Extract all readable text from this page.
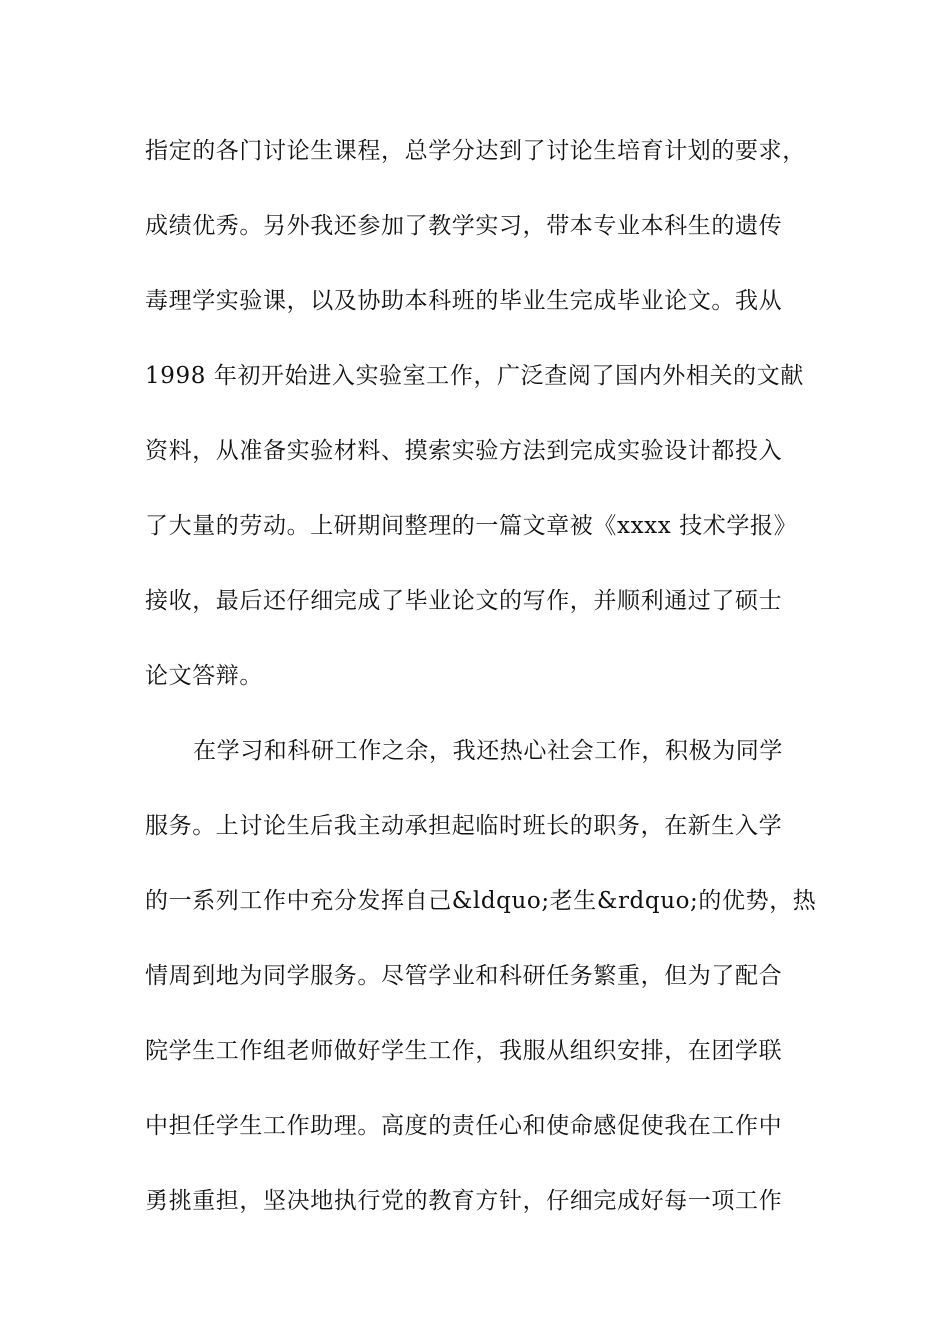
指定的各门讨论生课程，总学分达到了讨论生培育计划的要求，
成绩优秀。另外我还参加了教学实习，带本专业本科生的遗传
毒理学实验课，以及协助本科班的毕业生完成毕业论文。我从
1998 年初开始进入实验室工作，广泛查阅了国内外相关的文献
资料，从准备实验材料、摸索实验方法到完成实验设计都投入
了大量的劳动。上研期间整理的一篇文章被《xxxx 技术学报》
接收，最后还仔细完成了毕业论文的写作，并顺利通过了硕士
论文答辩。
在学习和科研工作之余，我还热心社会工作，积极为同学
服务。上讨论生后我主动承担起临时班长的职务，在新生入学
的一系列工作中充分发挥自己&ldquo;老生&rdquo;的优势，热
情周到地为同学服务。尽管学业和科研任务繁重，但为了配合
院学生工作组老师做好学生工作，我服从组织安排，在团学联
中担任学生工作助理。高度的责任心和使命感促使我在工作中
勇挑重担，坚决地执行党的教育方针，仔细完成好每一项工作
